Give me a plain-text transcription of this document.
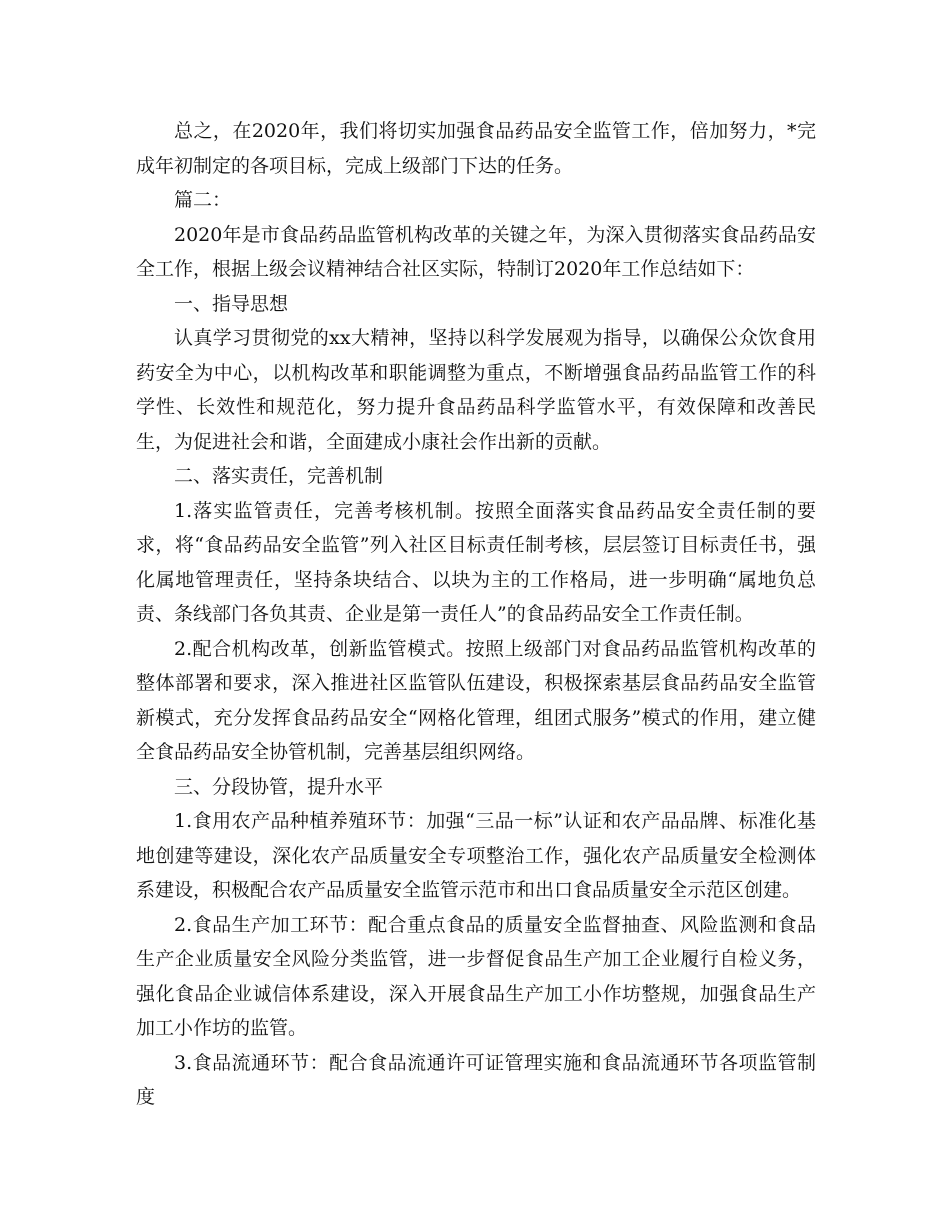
总之，在2020年，我们将切实加强食品药品安全监管工作，倍加努力，*完成年初制定的各项目标，完成上级部门下达的任务。

篇二：

2020年是市食品药品监管机构改革的关键之年，为深入贯彻落实食品药品安全工作，根据上级会议精神结合社区实际，特制订2020年工作总结如下：

一、指导思想

认真学习贯彻党的xx大精神，坚持以科学发展观为指导，以确保公众饮食用药安全为中心，以机构改革和职能调整为重点，不断增强食品药品监管工作的科学性、长效性和规范化，努力提升食品药品科学监管水平，有效保障和改善民生，为促进社会和谐，全面建成小康社会作出新的贡献。

二、落实责任，完善机制

1.落实监管责任，完善考核机制。按照全面落实食品药品安全责任制的要求，将“食品药品安全监管”列入社区目标责任制考核，层层签订目标责任书，强化属地管理责任，坚持条块结合、以块为主的工作格局，进一步明确“属地负总责、条线部门各负其责、企业是第一责任人”的食品药品安全工作责任制。

2.配合机构改革，创新监管模式。按照上级部门对食品药品监管机构改革的整体部署和要求，深入推进社区监管队伍建设，积极探索基层食品药品安全监管新模式，充分发挥食品药品安全“网格化管理，组团式服务”模式的作用，建立健全食品药品安全协管机制，完善基层组织网络。

三、分段协管，提升水平

1.食用农产品种植养殖环节：加强“三品一标”认证和农产品品牌、标准化基地创建等建设，深化农产品质量安全专项整治工作，强化农产品质量安全检测体系建设，积极配合农产品质量安全监管示范市和出口食品质量安全示范区创建。

2.食品生产加工环节：配合重点食品的质量安全监督抽查、风险监测和食品生产企业质量安全风险分类监管，进一步督促食品生产加工企业履行自检义务，强化食品企业诚信体系建设，深入开展食品生产加工小作坊整规，加强食品生产加工小作坊的监管。

3.食品流通环节：配合食品流通许可证管理实施和食品流通环节各项监管制度
